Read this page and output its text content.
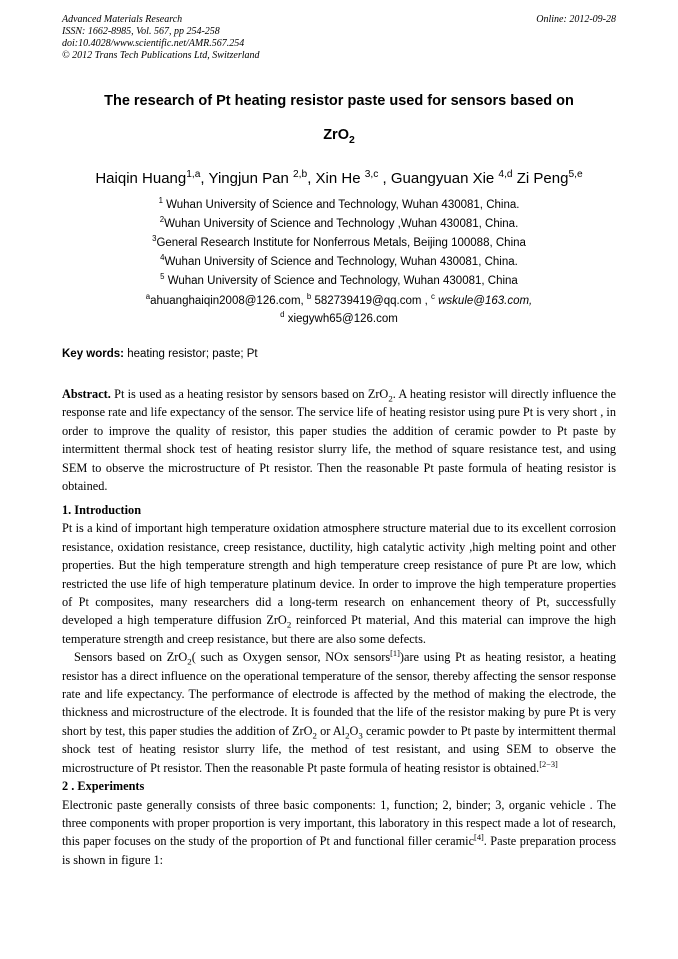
Advanced Materials Research
ISSN: 1662-8985, Vol. 567, pp 254-258
doi:10.4028/www.scientific.net/AMR.567.254
© 2012 Trans Tech Publications Ltd, Switzerland
Online: 2012-09-28
The research of Pt heating resistor paste used for sensors based on
ZrO$_2$
Haiqin Huang$^{1,a}$, Yingjun Pan $^{2,b}$, Xin He $^{3,c}$ , Guangyuan Xie $^{4,d}$ Zi Peng$^{5,e}$
$^1$ Wuhan University of Science and Technology, Wuhan 430081, China.
$^2$Wuhan University of Science and Technology ,Wuhan 430081, China.
$^3$General Research Institute for Nonferrous Metals, Beijing 100088, China
$^4$Wuhan University of Science and Technology, Wuhan 430081, China.
$^5$ Wuhan University of Science and Technology, Wuhan 430081, China
$^a$ahuanghaiqin2008@126.com, $^b$ 582739419@qq.com , $^c$ wskule@163.com,
$^d$ xiegywh65@126.com
Key words: heating resistor; paste; Pt

Abstract. Pt is used as a heating resistor by sensors based on ZrO$_2$. A heating resistor will directly influence the response rate and life expectancy of the sensor. The service life of heating resistor using pure Pt is very short , in order to improve the quality of resistor, this paper studies the addition of ceramic powder to Pt paste by intermittent thermal shock test of heating resistor slurry life, the method of square resistance test, and using SEM to observe the microstructure of Pt resistor. Then the reasonable Pt paste formula of heating resistor is obtained.

1. Introduction

Pt is a kind of important high temperature oxidation atmosphere structure material due to its excellent corrosion resistance, oxidation resistance, creep resistance, ductility, high catalytic activity ,high melting point and other properties. But the high temperature strength and high temperature creep resistance of pure Pt are low, which restricted the use life of high temperature platinum device. In order to improve the high temperature properties of Pt composites, many researchers did a long-term research on enhancement theory of Pt, successfully developed a high temperature diffusion ZrO$_2$ reinforced Pt material, And this material can improve the high temperature strength and creep resistance, but there are also some defects.

Sensors based on ZrO$_2$( such as Oxygen sensor, NOx sensors[1])are using Pt as heating resistor, a heating resistor has a direct influence on the operational temperature of the sensor, thereby affecting the sensor response rate and life expectancy. The performance of electrode is affected by the method of making the electrode, the thickness and microstructure of the electrode. It is founded that the life of the resistor making by pure Pt is very short by test, this paper studies the addition of ZrO$_2$ or $Al_2O_3$ ceramic powder to Pt paste by intermittent thermal shock test of heating resistor slurry life, the method of test resistant, and using SEM to observe the microstructure of Pt resistor. Then the reasonable Pt paste formula of heating resistor is obtained.[2−3]

2 . Experiments

Electronic paste generally consists of three basic components: 1, function; 2, binder; 3, organic vehicle . The three components with proper proportion is very important, this laboratory in this respect made a lot of research, this paper focuses on the study of the proportion of Pt and functional filler ceramic[4]. Paste preparation process is shown in figure 1:
